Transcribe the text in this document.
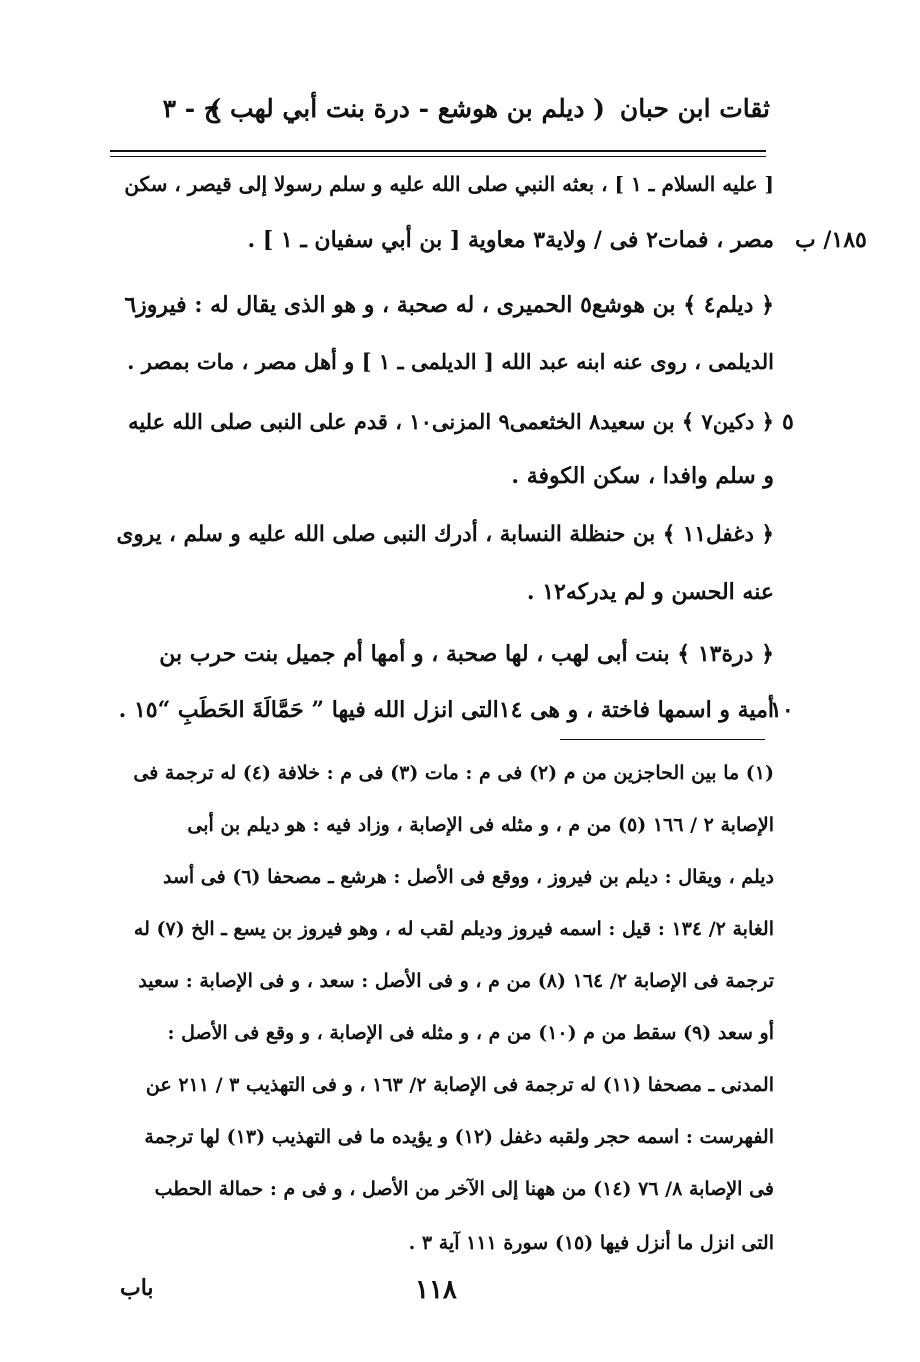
ثقات ابن حبان
( ديلم بن هوشع - درة بنت أبي لهب )
ج - ٣
١٨٥/ ب
٥
١٠
[ عليه السلام ـ ١ ] ، بعثه النبي صلى الله عليه و سلم رسولا إلى قيصر ، سكن
مصر ، فمات٢ فى / ولاية٣ معاوية [ بن أبي سفيان ـ ١ ] .
﴿ ديلم٤ ﴾ بن هوشع٥ الحميرى ، له صحبة ، و هو الذى يقال له : فيروز٦
الديلمى ، روى عنه ابنه عبد الله [ الديلمى ـ ١ ] و أهل مصر ، مات بمصر .
﴿ دكين٧ ﴾ بن سعيد٨ الخثعمى٩ المزنى١٠ ، قدم على النبى صلى الله عليه
و سلم وافدا ، سكن الكوفة .
﴿ دغفل١١ ﴾ بن حنظلة النسابة ، أدرك النبى صلى الله عليه و سلم ، يروى
عنه الحسن و لم يدركه١٢ .
﴿ درة١٣ ﴾ بنت أبى لهب ، لها صحبة ، و أمها أم جميل بنت حرب بن
أمية و اسمها فاختة ، و هى ١٤التى انزل الله فيها ” حَمَّالَةَ الحَطَبِ “١٥ .
(١) ما بين الحاجزين من م (٢) فى م : مات (٣) فى م : خلافة (٤) له ترجمة فى
الإصابة ٢ / ١٦٦ (٥) من م ، و مثله فى الإصابة ، وزاد فيه : هو ديلم بن أبى
ديلم ، ويقال : ديلم بن فيروز ، ووقع فى الأصل : هرشع ـ مصحفا (٦) فى أسد
الغابة ٢/ ١٣٤ : قيل : اسمه فيروز وديلم لقب له ، وهو فيروز بن يسع ـ الخ (٧) له
ترجمة فى الإصابة ٢/ ١٦٤ (٨) من م ، و فى الأصل : سعد ، و فى الإصابة : سعيد
أو سعد (٩) سقط من م (١٠) من م ، و مثله فى الإصابة ، و وقع فى الأصل :
المدنى ـ مصحفا (١١) له ترجمة فى الإصابة ٢/ ١٦٣ ، و فى التهذيب ٣ / ٢١١ عن
الفهرست : اسمه حجر ولقبه دغفل (١٢) و يؤيده ما فى التهذيب (١٣) لها ترجمة
فى الإصابة ٨/ ٧٦ (١٤) من ههنا إلى الآخر من الأصل ، و فى م : حمالة الحطب
التى انزل ما أنزل فيها (١٥) سورة ١١١ آية ٣ .
١١٨
باب
